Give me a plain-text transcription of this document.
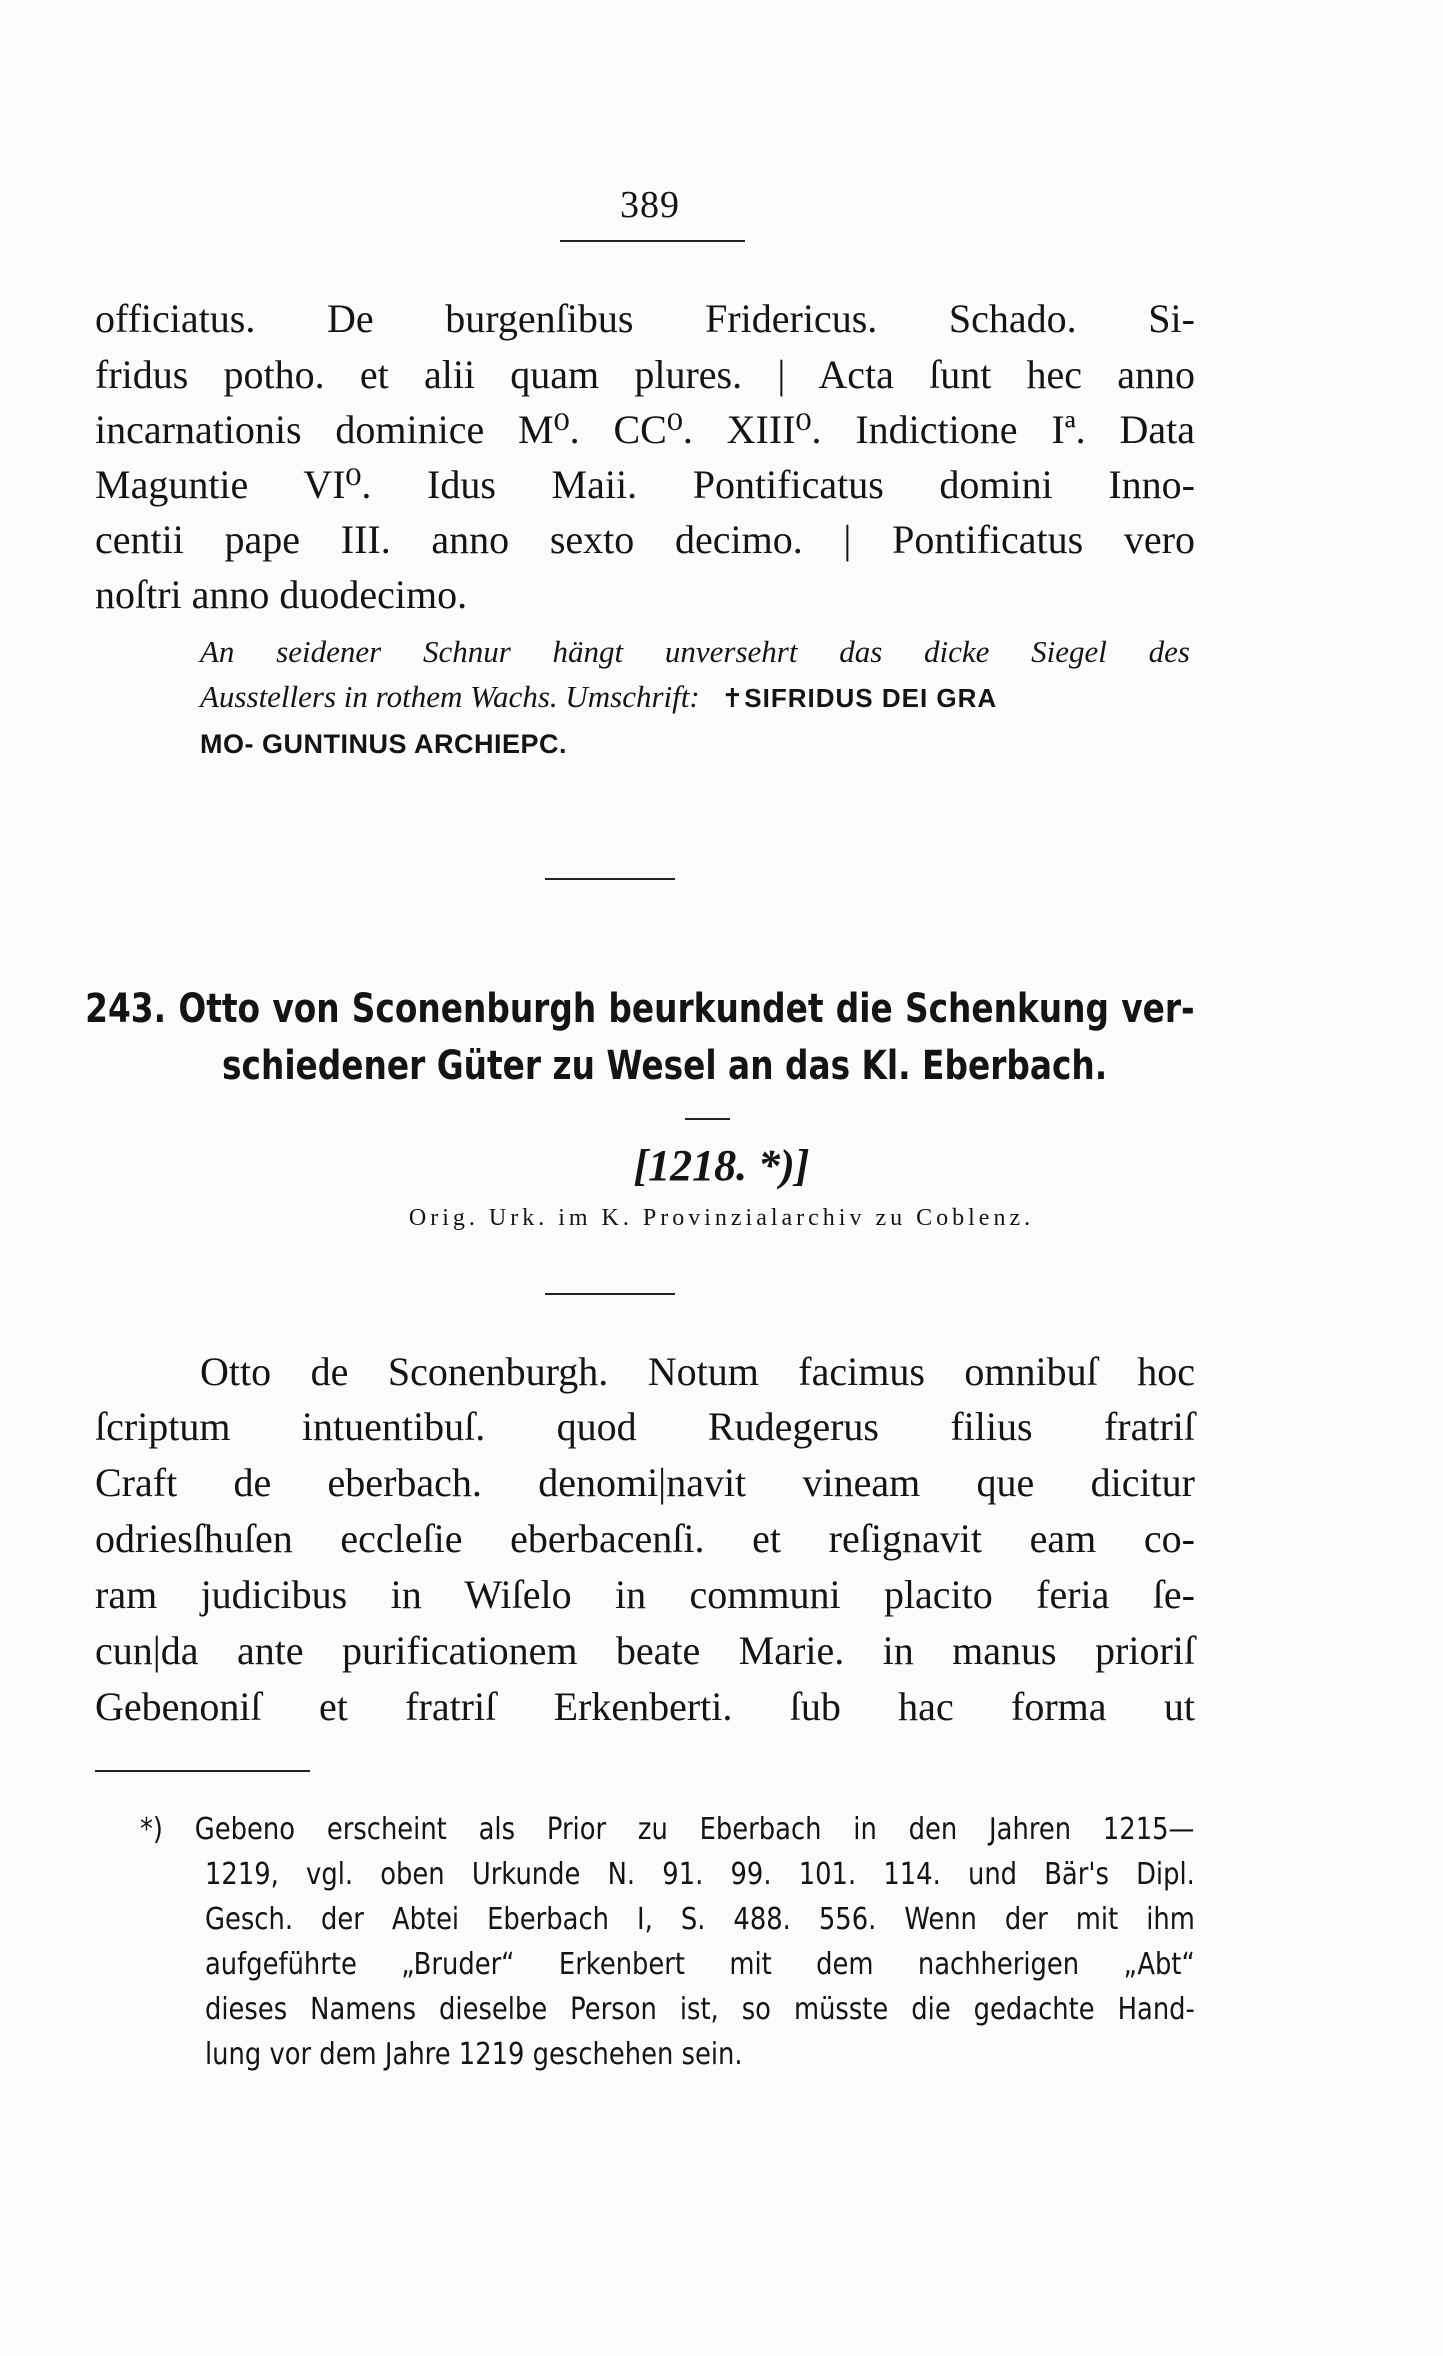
389
officiatus. De burgenſibus Fridericus. Schado. Si-
fridus potho. et alii quam plures. | Acta ſunt hec anno
incarnationis dominice M⁰. CC⁰. XIII⁰. Indictione Iª. Data
Maguntie VI⁰. Idus Maii. Pontificatus domini Inno-
centii pape III. anno sexto decimo. | Pontificatus vero
noſtri anno duodecimo.
An seidener Schnur hängt unversehrt das dicke Siegel des
Ausstellers in rothem Wachs. Umschrift: ✝SIFRIDUS DEI GRA
MO- GUNTINUS ARCHIEPC.
243. Otto von Sconenburgh beurkundet die Schenkung ver-
schiedener Güter zu Wesel an das Kl. Eberbach.
[1218. *)]
Orig. Urk. im K. Provinzialarchiv zu Coblenz.
Otto de Sconenburgh. Notum facimus omnibuſ hoc
ſcriptum intuentibuſ. quod Rudegerus filius fratriſ
Craft de eberbach. denomi|navit vineam que dicitur
odriesſhuſen eccleſie eberbacenſi. et reſignavit eam co-
ram judicibus in Wiſelo in communi placito feria ſe-
cun|da ante purificationem beate Marie. in manus prioriſ
Gebenoniſ et fratriſ Erkenberti. ſub hac forma ut
*) Gebeno erscheint als Prior zu Eberbach in den Jahren 1215—
1219, vgl. oben Urkunde N. 91. 99. 101. 114. und Bär's Dipl.
Gesch. der Abtei Eberbach I, S. 488. 556. Wenn der mit ihm
aufgeführte „Bruder“ Erkenbert mit dem nachherigen „Abt“
dieses Namens dieselbe Person ist, so müsste die gedachte Hand-
lung vor dem Jahre 1219 geschehen sein.
